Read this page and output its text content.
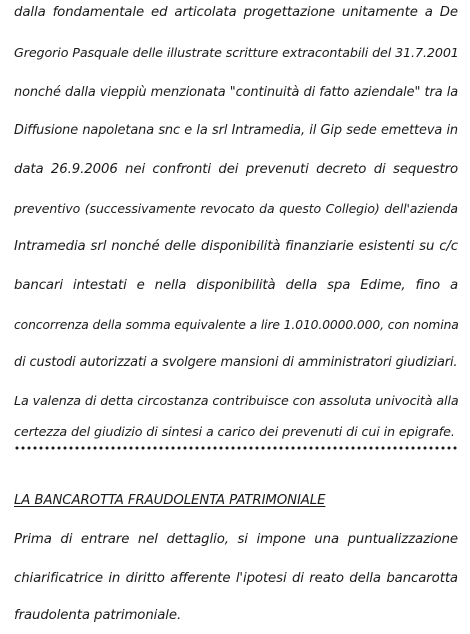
dalla fondamentale ed articolata progettazione unitamente a De
Gregorio Pasquale delle illustrate scritture extracontabili del 31.7.2001
nonché dalla vieppiù menzionata "continuità di fatto aziendale" tra la
Diffusione napoletana snc e la srl Intramedia, il Gip sede emetteva in
data 26.9.2006 nei confronti dei prevenuti decreto di sequestro
preventivo (successivamente revocato da questo Collegio) dell'azienda
Intramedia srl nonché delle disponibilità finanziarie esistenti su c/c
bancari intestati e nella disponibilità della spa Edime, fino a
concorrenza della somma equivalente a lire 1.010.0000.000, con nomina
di custodi autorizzati a svolgere mansioni di amministratori giudiziari.
La valenza di detta circostanza contribuisce con assoluta univocità alla
certezza del giudizio di sintesi a carico dei prevenuti di cui in epigrafe.
LA BANCAROTTA FRAUDOLENTA PATRIMONIALE
Prima di entrare nel dettaglio, si impone una puntualizzazione
chiarificatrice in diritto afferente l'ipotesi di reato della bancarotta
fraudolenta patrimoniale.
